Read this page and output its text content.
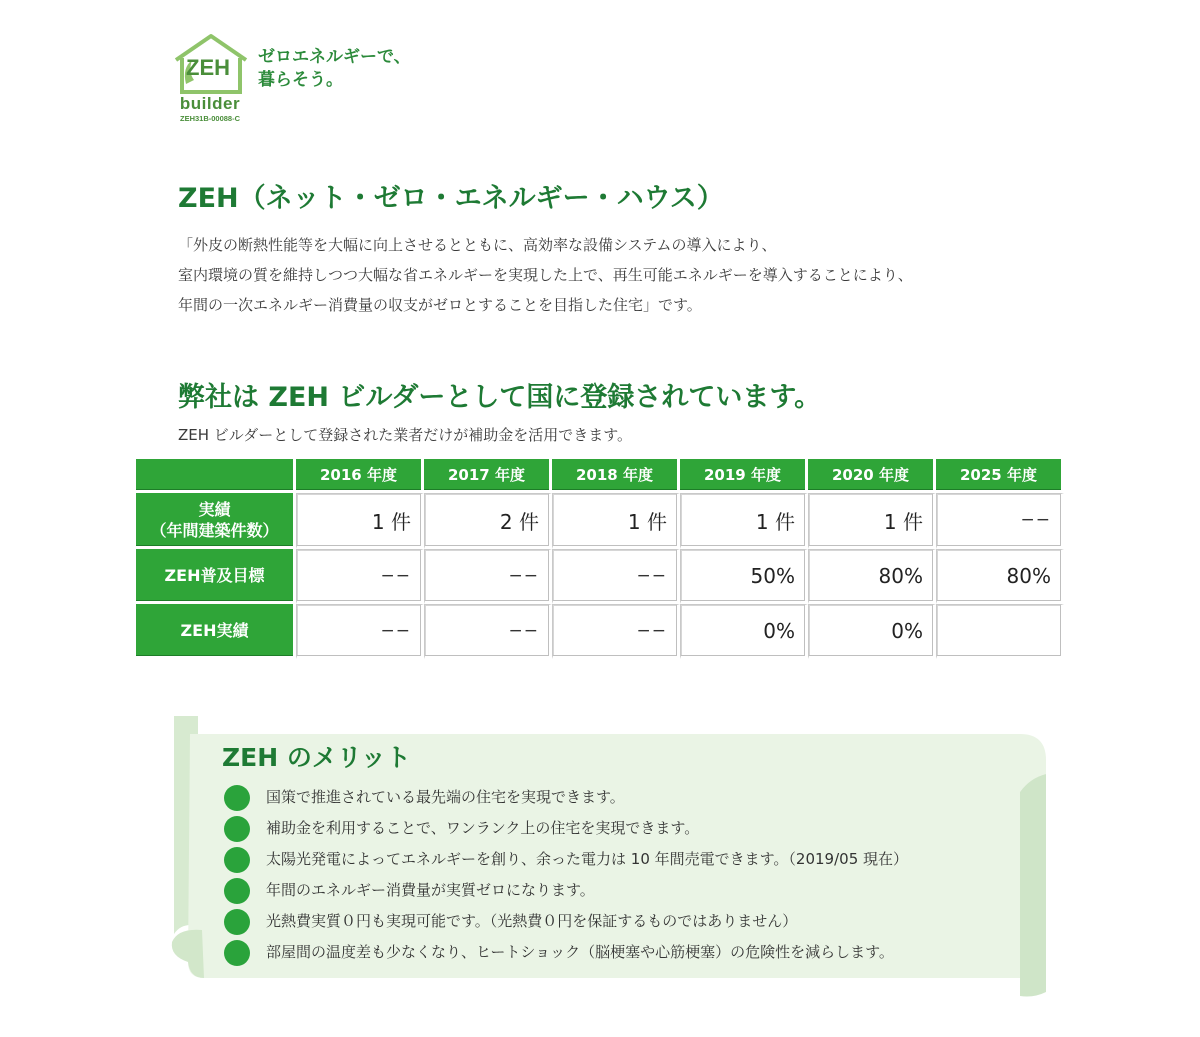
ZEH
builder
ZEH31B-00088-C
ゼロエネルギーで、
暮らそう。
ZEH（ネット・ゼロ・エネルギー・ハウス）
「外皮の断熱性能等を大幅に向上させるとともに、高効率な設備システムの導入により、
室内環境の質を維持しつつ大幅な省エネルギーを実現した上で、再生可能エネルギーを導入することにより、
年間の一次エネルギー消費量の収支がゼロとすることを目指した住宅」です。
弊社は ZEH ビルダーとして国に登録されています。
ZEH ビルダーとして登録された業者だけが補助金を活用できます。
	2016 年度	2017 年度	2018 年度	2019 年度	2020 年度	2025 年度

実績
（年間建築件数）	1 件	2 件	1 件	1 件	1 件	−−
ZEH普及目標	−−	−−	−−	50%	80%	80%
ZEH実績	−−	−−	−−	0%	0%	
ZEH のメリット
国策で推進されている最先端の住宅を実現できます。
補助金を利用することで、ワンランク上の住宅を実現できます。
太陽光発電によってエネルギーを創り、余った電力は 10 年間売電できます。（2019/05 現在）
年間のエネルギー消費量が実質ゼロになります。
光熱費実質０円も実現可能です。（光熱費０円を保証するものではありません）
部屋間の温度差も少なくなり、ヒートショック（脳梗塞や心筋梗塞）の危険性を減らします。
